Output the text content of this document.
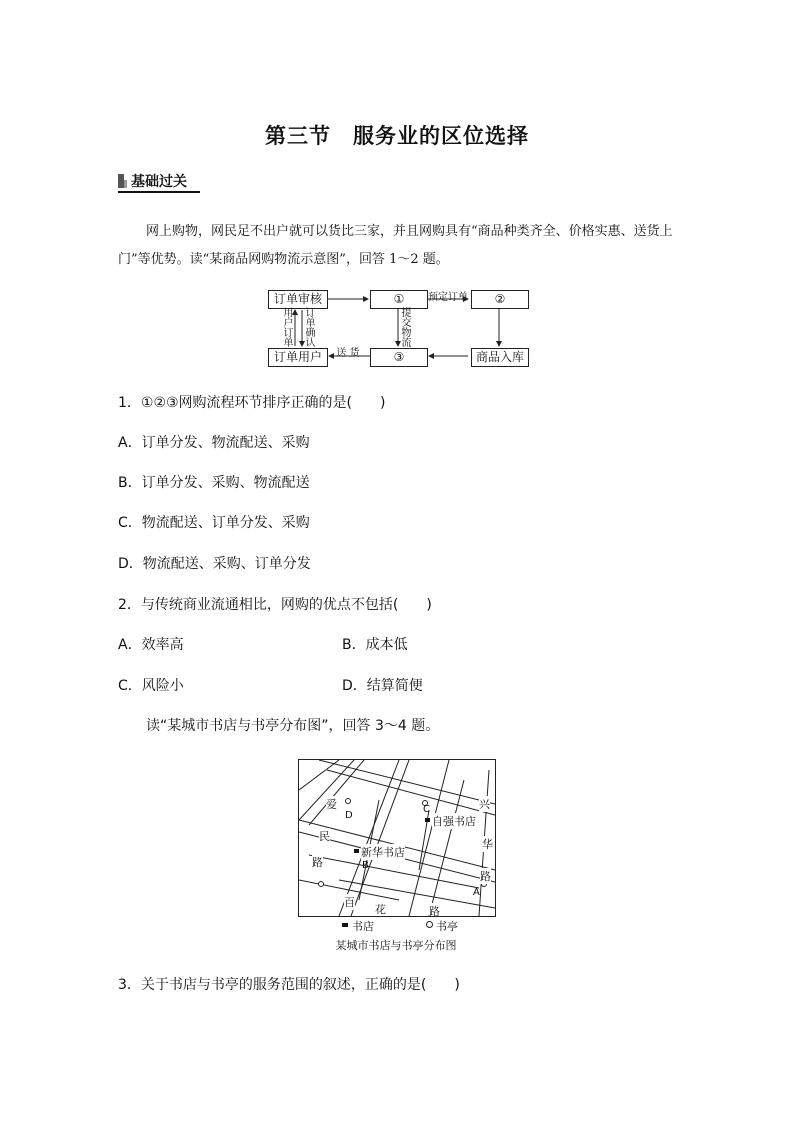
第三节　服务业的区位选择
基础过关
网上购物，网民足不出户就可以货比三家，并且网购具有“商品种类齐全、价格实惠、送货上门”等优势。读“某商品网购物流示意图”，回答 1～2 题。
订单审核	①	②
订单用户	③	商品入库
预定订单
提交物流
送 货
用户订单
订单确认
1．①②③网购流程环节排序正确的是(　　)
A．订单分发、物流配送、采购
B．订单分发、采购、物流配送
C．物流配送、订单分发、采购
D．物流配送、采购、订单分发
2．与传统商业流通相比，网购的优点不包括(　　)
A．效率高	B．成本低
C．风险小	D．结算简便
读“某城市书店与书亭分布图”，回答 3～4 题。
C
D
B
A
自强书店
新华书店
爱
民
路
兴
华
路
百
花	路
书店	书亭
某城市书店与书亭分布图
3．关于书店与书亭的服务范围的叙述，正确的是(　　)
